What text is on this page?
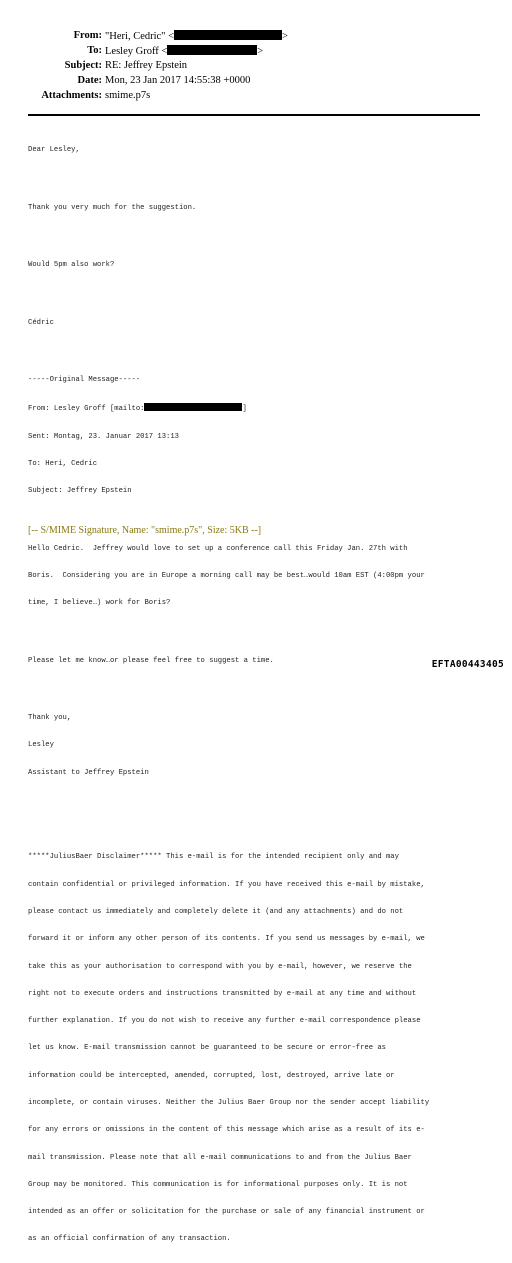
From: "Heri, Cedric" <	>
To: Lesley Groff <	>
Subject: RE: Jeffrey Epstein
Date: Mon, 23 Jan 2017 14:55:38 +0000
Attachments: smime.p7s

Dear Lesley,

Thank you very much for the suggestion.

Would 5pm also work?

Cédric

-----Original Message-----

From: Lesley Groff [mailto:	]

Sent: Montag, 23. Januar 2017 13:13

To: Heri, Cedric

Subject: Jeffrey Epstein

Hello Cedric.  Jeffrey would love to set up a conference call this Friday Jan. 27th with

Boris.  Considering you are in Europe a morning call may be best…would 10am EST (4:00pm your

time, I believe…) work for Boris?

Please let me know…or please feel free to suggest a time.

Thank you,

Lesley

Assistant to Jeffrey Epstein

*****JuliusBaer Disclaimer***** This e-mail is for the intended recipient only and may

contain confidential or privileged information. If you have received this e-mail by mistake,

please contact us immediately and completely delete it (and any attachments) and do not

forward it or inform any other person of its contents. If you send us messages by e-mail, we

take this as your authorisation to correspond with you by e-mail, however, we reserve the

right not to execute orders and instructions transmitted by e-mail at any time and without

further explanation. If you do not wish to receive any further e-mail correspondence please

let us know. E-mail transmission cannot be guaranteed to be secure or error-free as

information could be intercepted, amended, corrupted, lost, destroyed, arrive late or

incomplete, or contain viruses. Neither the Julius Baer Group nor the sender accept liability

for any errors or omissions in the content of this message which arise as a result of its e-

mail transmission. Please note that all e-mail communications to and from the Julius Baer

Group may be monitored. This communication is for informational purposes only. It is not

intended as an offer or solicitation for the purchase or sale of any financial instrument or

as an official confirmation of any transaction.

[-- S/MIME Signature, Name: "smime.p7s", Size: 5KB --]
EFTA00443405
